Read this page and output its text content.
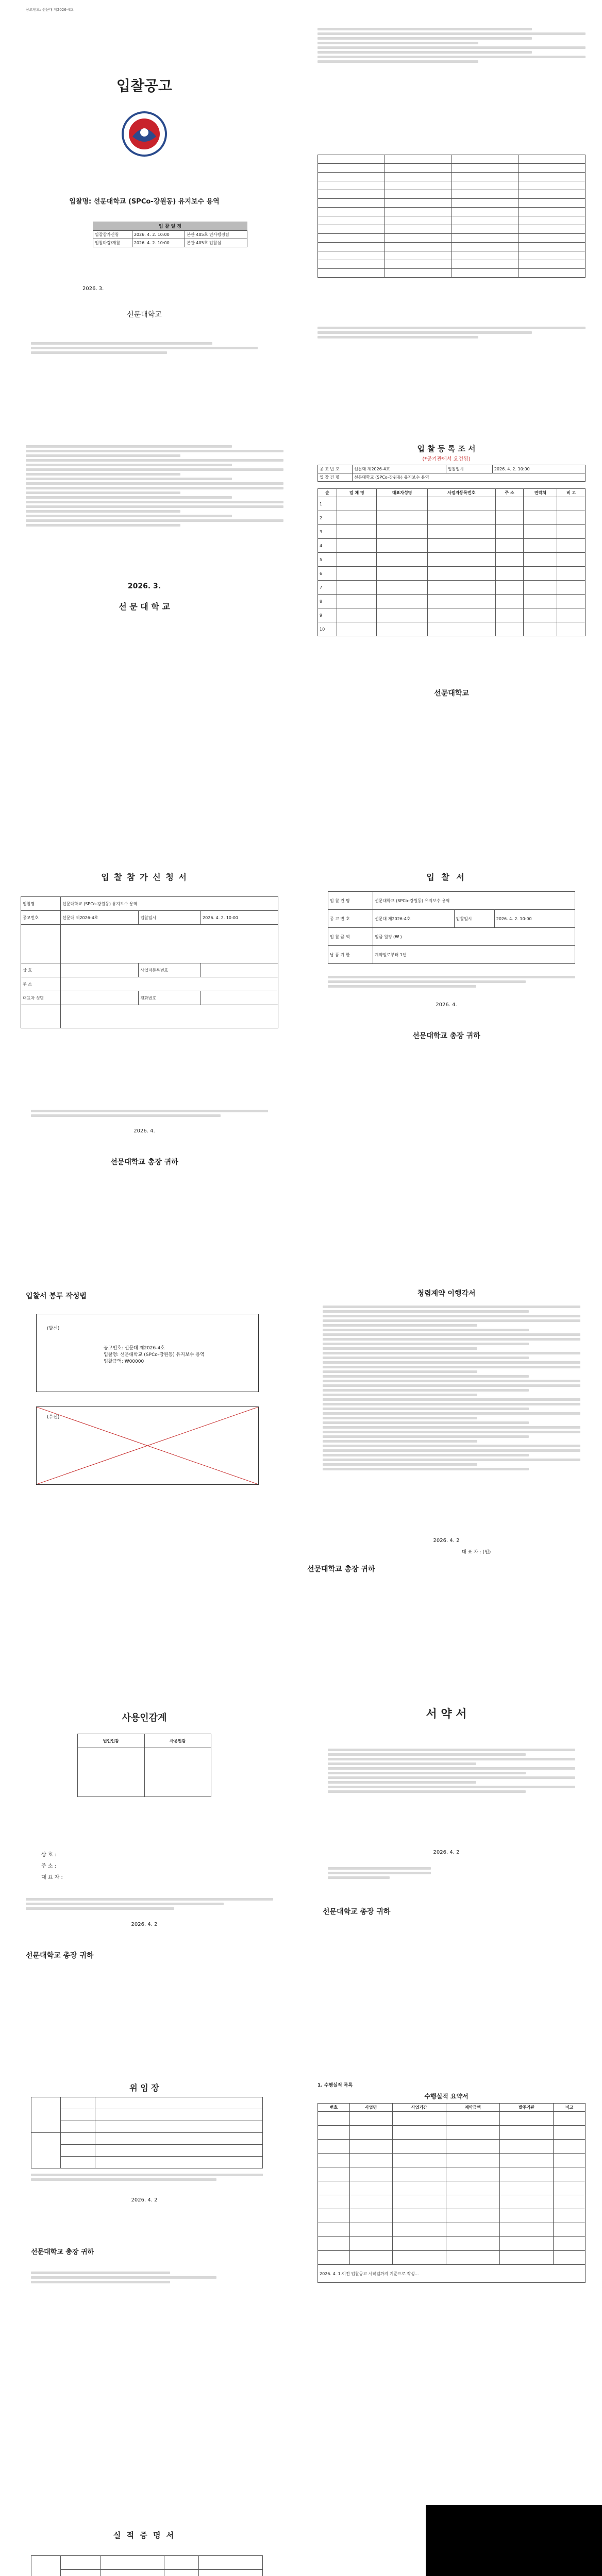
공고번호: 선문대 제2026-4호
입찰공고
입찰명: 선문대학교 (SPCo-강원동) 유지보수 용역
입 찰 일 정
입찰참가신청	2026. 4. 2. 10:00	본관 405호 민사행정팀
입찰마감/개찰	2026. 4. 2. 10:00	본관 405호 입찰실
2026. 3.
선문대학교

2026. 3.
선 문 대 학 교
입 찰 등 록 조 서
(*공기관에서 요건됨)
공 고 번 호	선문대 제2026-4호	입찰일시	2026. 4. 2. 10:00
입 찰 건 명	선문대학교 (SPCo-강원동) 유지보수 용역		
순	업 체 명	대표자성명	사업자등록번호	주 소	연락처	비 고
1						
2						
3						
4						
5						
6						
7						
8						
9						
10						
선문대학교
입 찰 참 가 신 청 서
입찰명	선문대학교 (SPCo-강원동) 유지보수 용역		
공고번호	선문대 제2026-4호	입찰일시	2026. 4. 2. 10:00

상 호		사업자등록번호	
주 소			
대표자 성명		전화번호	

2026. 4.
선문대학교 총장 귀하
입 찰 서
입 찰 건 명	선문대학교 (SPCo-강원동) 유지보수 용역		
공 고 번 호	선문대 제2026-4호	입찰일시	2026. 4. 2. 10:00
입 찰 금 액	일금 원정 (₩ )		
납 품 기 한	계약일로부터 1년		
2026. 4.
선문대학교 총장 귀하
입찰서 봉투 작성법
(발신)
공고번호: 선문대 제2026-4호
입찰명: 선문대학교 (SPCo-강원동) 유지보수 용역
입찰금액: ₩00000
(수신)
청렴계약 이행각서
2026. 4. 2
대 표 자 : (인)
선문대학교 총장 귀하
사용인감계
법인인감	사용인감

상 호 :
주 소 :
대 표 자 :
2026. 4. 2
선문대학교 총장 귀하
서 약 서
2026. 4. 2
선문대학교 총장 귀하
위 임 장

2026. 4. 2
선문대학교 총장 귀하
1. 수행실적 목록
수행실적 요약서
번호	사업명	사업기간	계약금액	발주기관	비고

2026. 4. 1.이전 입찰공고 시작일까지 기준으로 작성...					
실 적 증 명 서
